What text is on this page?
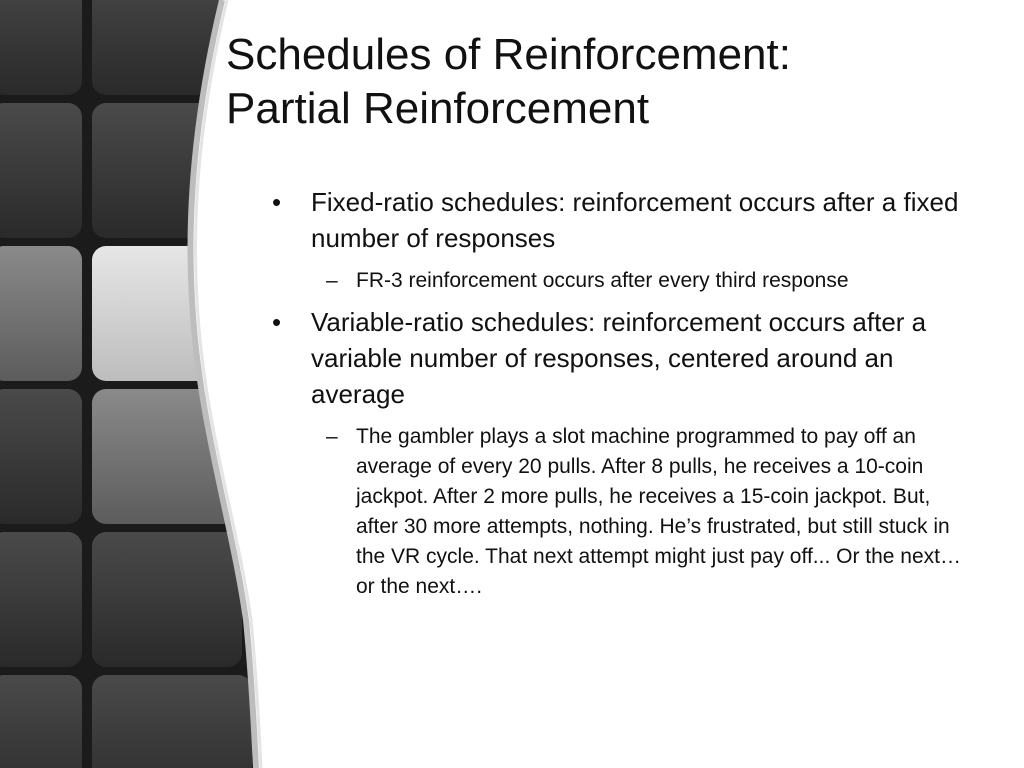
Schedules of Reinforcement:
Partial Reinforcement
• Fixed-ratio schedules: reinforcement occurs after a fixed number of responses
– FR-3 reinforcement occurs after every third response
• Variable-ratio schedules: reinforcement occurs after a variable number of responses, centered around an average
– The gambler plays a slot machine programmed to pay off an average of every 20 pulls. After 8 pulls, he receives a 10-coin jackpot. After 2 more pulls, he receives a 15-coin jackpot. But, after 30 more attempts, nothing. He’s frustrated, but still stuck in the VR cycle. That next attempt might just pay off... Or the next… or the next….
